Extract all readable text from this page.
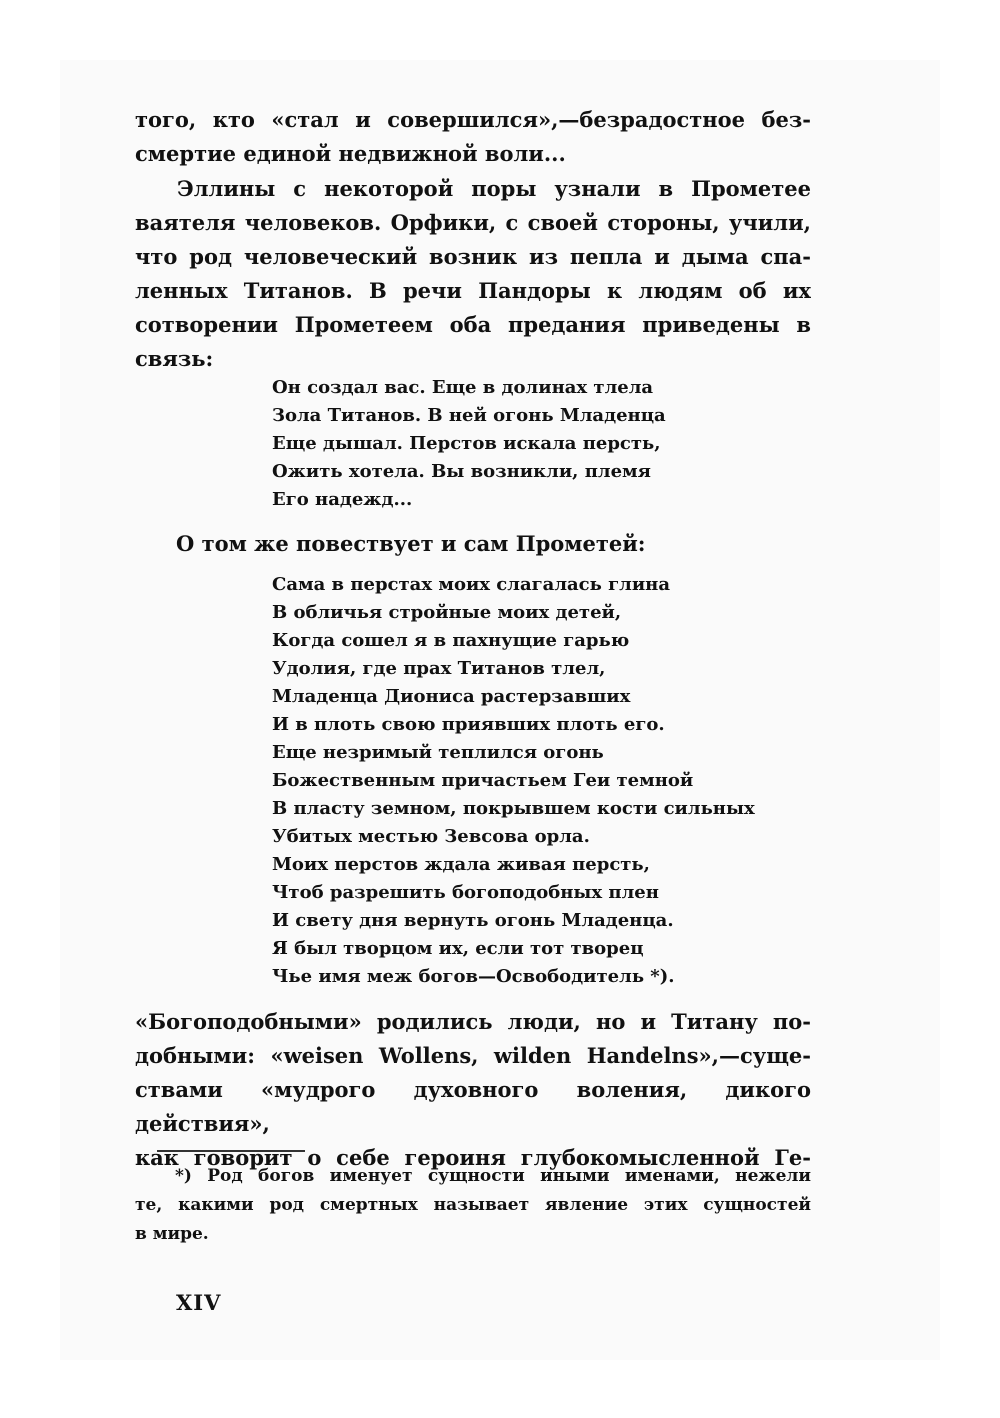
того, кто «стал и совершился»,—безрадостное без-
смертие единой недвижной воли...
Эллины с некоторой поры узнали в Прометее
ваятеля человеков. Орфики, с своей стороны, учили,
что род человеческий возник из пепла и дыма спа-
ленных Титанов. В речи Пандоры к людям об их
сотворении Прометеем оба предания приведены в
связь:
Он создал вас. Еще в долинах тлела
Зола Титанов. В ней огонь Младенца
Еще дышал. Перстов искала персть,
Ожить хотела. Вы возникли, племя
Его надежд...
О том же повествует и сам Прометей:
Сама в перстах моих слагалась глина
В обличья стройные моих детей,
Когда сошел я в пахнущие гарью
Удолия, где прах Титанов тлел,
Младенца Диониса растерзавших
И в плоть свою приявших плоть его.
Еще незримый теплился огонь
Божественным причастьем Геи темной
В пласту земном, покрывшем кости сильных
Убитых местью Зевсова орла.
Моих перстов ждала живая персть,
Чтоб разрешить богоподобных плен
И свету дня вернуть огонь Младенца.
Я был творцом их, если тот творец
Чье имя меж богов—Освободитель *).
«Богоподобными» родились люди, но и Титану по-
добными: «weisen Wollens, wilden Handelns»,—суще-
ствами «мудрого духовного воления, дикого действия»,
как говорит о себе героиня глубокомысленной Ге-
*) Род богов именует сущности иными именами, нежели
те, какими род смертных называет явление этих сущностей
в мире.
XIV
